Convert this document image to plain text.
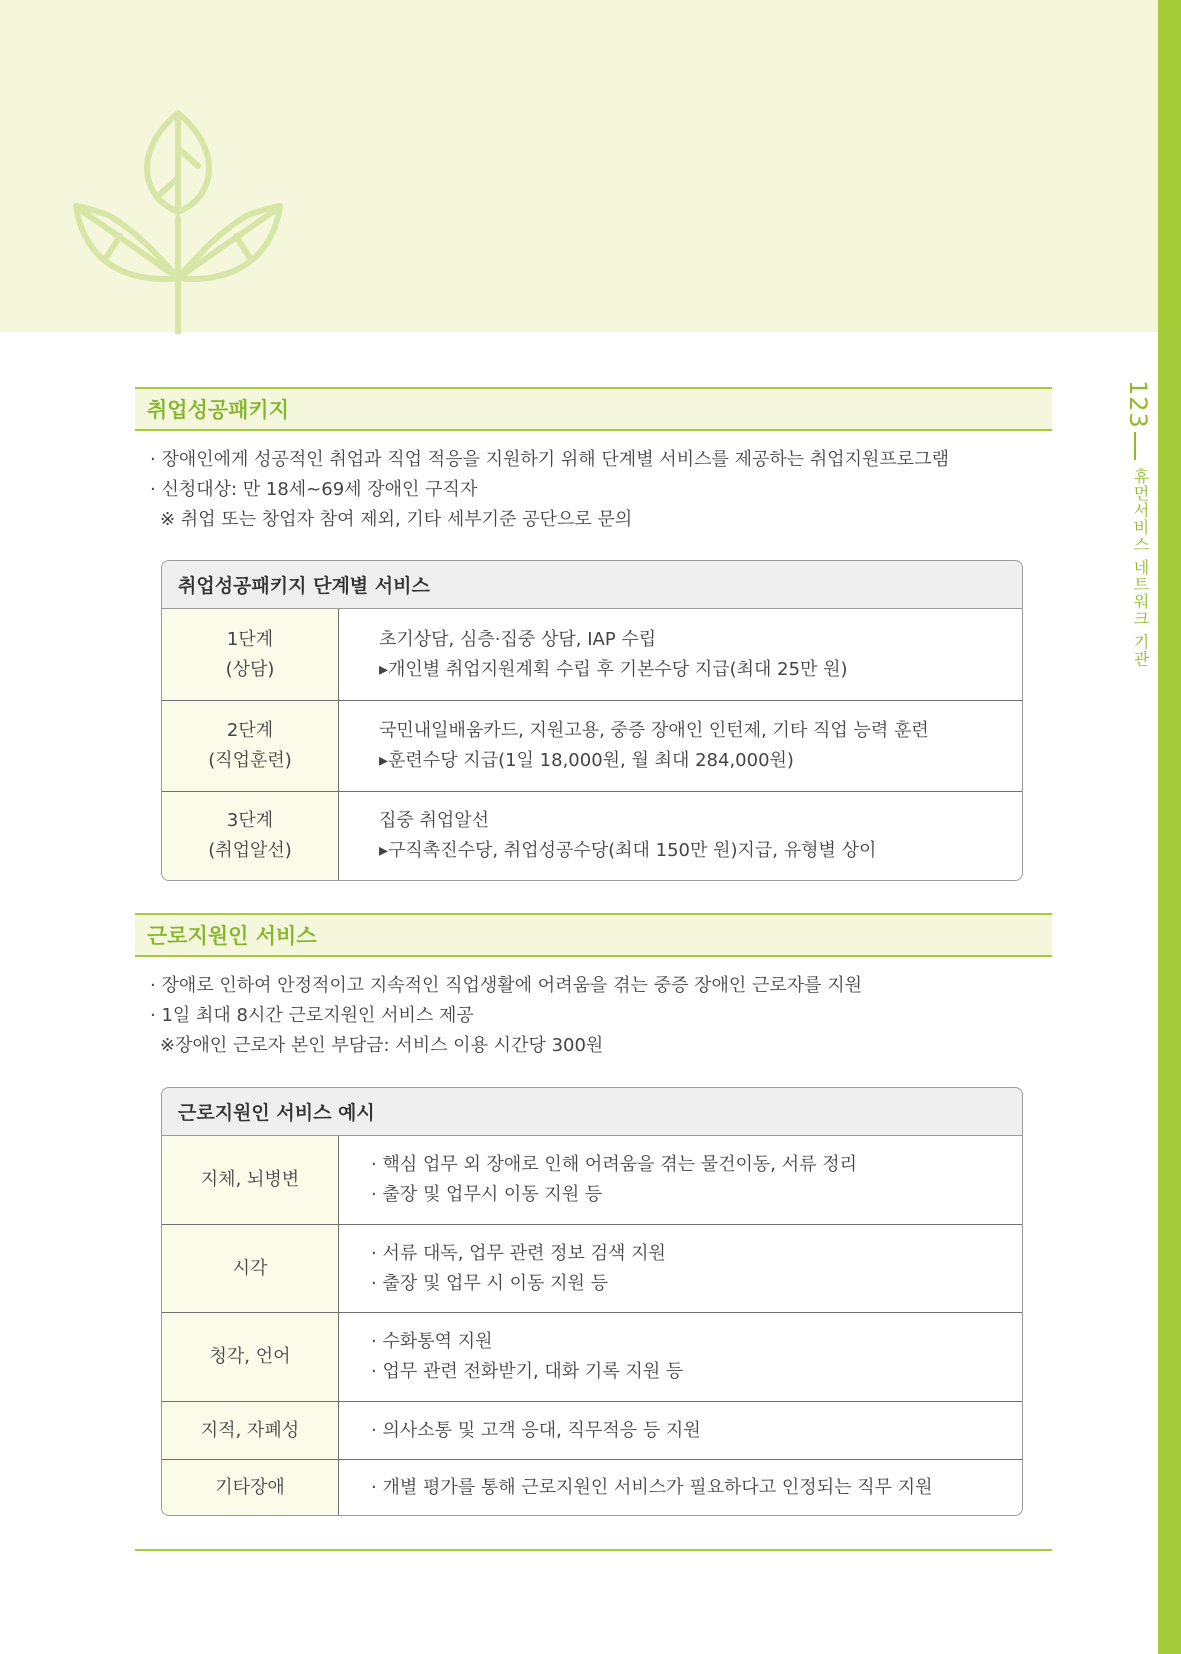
123
휴먼서비스 네트워크 기관
취업성공패키지
· 장애인에게 성공적인 취업과 직업 적응을 지원하기 위해 단계별 서비스를 제공하는 취업지원프로그램
· 신청대상: 만 18세~69세 장애인 구직자
※ 취업 또는 창업자 참여 제외, 기타 세부기준 공단으로 문의
취업성공패키지 단계별 서비스
1단계
(상담)
초기상담, 심층·집중 상담, IAP 수립
▸개인별 취업지원계획 수립 후 기본수당 지급(최대 25만 원)
2단계
(직업훈련)
국민내일배움카드, 지원고용, 중증 장애인 인턴제, 기타 직업 능력 훈련
▸훈련수당 지급(1일 18,000원, 월 최대 284,000원)
3단계
(취업알선)
집중 취업알선
▸구직촉진수당, 취업성공수당(최대 150만 원)지급, 유형별 상이
근로지원인 서비스
· 장애로 인하여 안정적이고 지속적인 직업생활에 어려움을 겪는 중증 장애인 근로자를 지원
· 1일 최대 8시간 근로지원인 서비스 제공
※장애인 근로자 본인 부담금: 서비스 이용 시간당 300원
근로지원인 서비스 예시
지체, 뇌병변
· 핵심 업무 외 장애로 인해 어려움을 겪는 물건이동, 서류 정리
· 출장 및 업무시 이동 지원 등
시각
· 서류 대독, 업무 관련 정보 검색 지원
· 출장 및 업무 시 이동 지원 등
청각, 언어
· 수화통역 지원
· 업무 관련 전화받기, 대화 기록 지원 등
지적, 자폐성	· 의사소통 및 고객 응대, 직무적응 등 지원
기타장애	· 개별 평가를 통해 근로지원인 서비스가 필요하다고 인정되는 직무 지원
